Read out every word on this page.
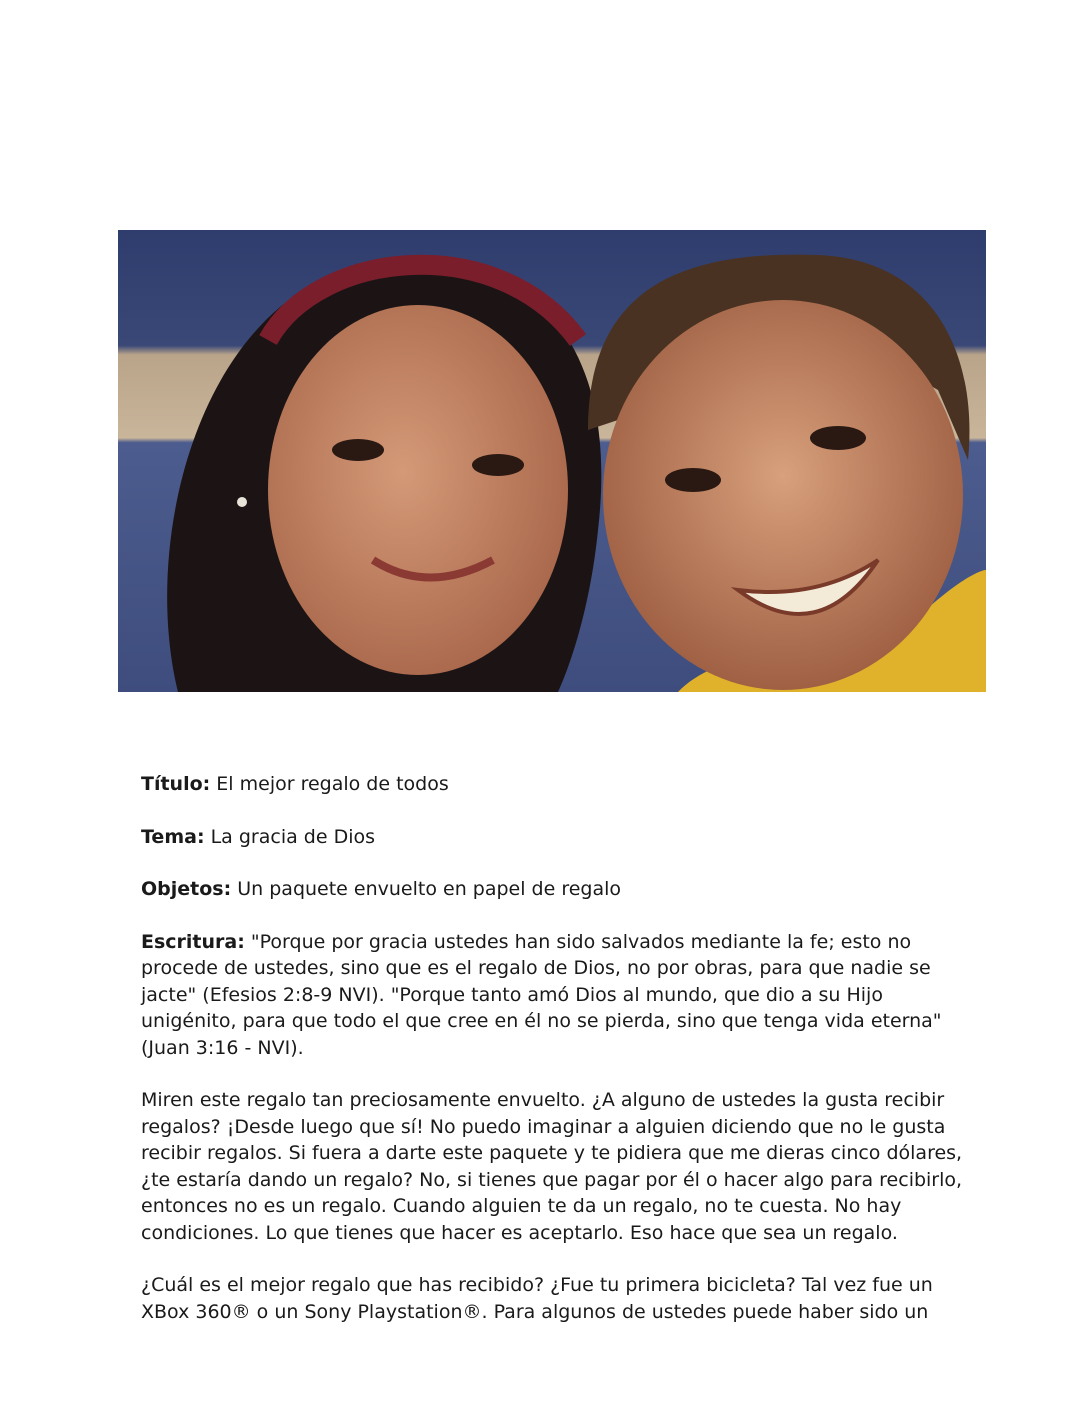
Título: El mejor regalo de todos

Tema: La gracia de Dios

Objetos: Un paquete envuelto en papel de regalo

Escritura: "Porque por gracia ustedes han sido salvados mediante la fe; esto no procede de ustedes, sino que es el regalo de Dios, no por obras, para que nadie se jacte" (Efesios 2:8-9 NVI). "Porque tanto amó Dios al mundo, que dio a su Hijo unigénito, para que todo el que cree en él no se pierda, sino que tenga vida eterna" (Juan 3:16 - NVI).

Miren este regalo tan preciosamente envuelto. ¿A alguno de ustedes la gusta recibir regalos? ¡Desde luego que sí! No puedo imaginar a alguien diciendo que no le gusta recibir regalos. Si fuera a darte este paquete y te pidiera que me dieras cinco dólares, ¿te estaría dando un regalo? No, si tienes que pagar por él o hacer algo para recibirlo, entonces no es un regalo. Cuando alguien te da un regalo, no te cuesta. No hay condiciones. Lo que tienes que hacer es aceptarlo. Eso hace que sea un regalo.

¿Cuál es el mejor regalo que has recibido? ¿Fue tu primera bicicleta? Tal vez fue un XBox 360® o un Sony Playstation®. Para algunos de ustedes puede haber sido un
